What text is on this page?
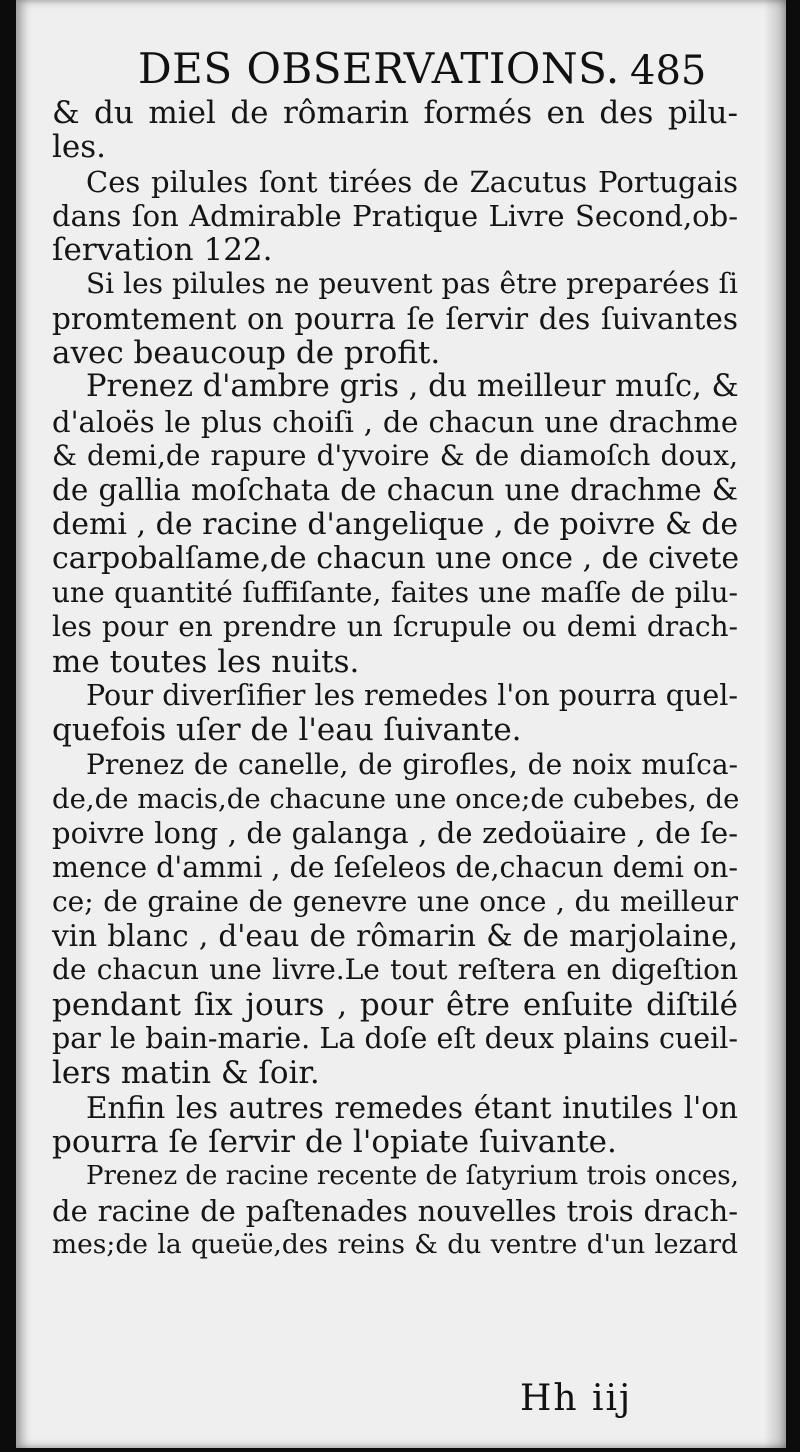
DES OBSERVATIONS. 485
& du miel de rômarin formés en des pilu-
les.
Ces pilules ſont tirées de Zacutus Portugais
dans ſon Admirable Pratique Livre Second,ob-
ſervation 122.
Si les pilules ne peuvent pas être preparées ſi
promtement on pourra ſe ſervir des ſuivantes
avec beaucoup de profit.
Prenez d'ambre gris , du meilleur muſc, &
d'aloës le plus choiſi , de chacun une drachme
& demi,de rapure d'yvoire & de diamoſch doux,
de gallia moſchata de chacun une drachme &
demi , de racine d'angelique , de poivre & de
carpobalſame,de chacun une once , de civete
une quantité ſuffiſante, faites une maſſe de pilu-
les pour en prendre un ſcrupule ou demi drach-
me toutes les nuits.
Pour diverſifier les remedes l'on pourra quel-
quefois uſer de l'eau ſuivante.
Prenez de canelle, de girofles, de noix muſca-
de,de macis,de chacune une once;de cubebes, de
poivre long , de galanga , de zedoüaire , de ſe-
mence d'ammi , de ſeſeleos de,chacun demi on-
ce; de graine de genevre une once , du meilleur
vin blanc , d'eau de rômarin & de marjolaine,
de chacun une livre.Le tout reſtera en digeſtion
pendant ſix jours , pour être enſuite diſtilé
par le bain-marie. La doſe eſt deux plains cueil-
lers matin & ſoir.
Enfin les autres remedes étant inutiles l'on
pourra ſe ſervir de l'opiate ſuivante.
Prenez de racine recente de ſatyrium trois onces,
de racine de paſtenades nouvelles trois drach-
mes;de la queüe,des reins & du ventre d'un lezard
Hh iij
